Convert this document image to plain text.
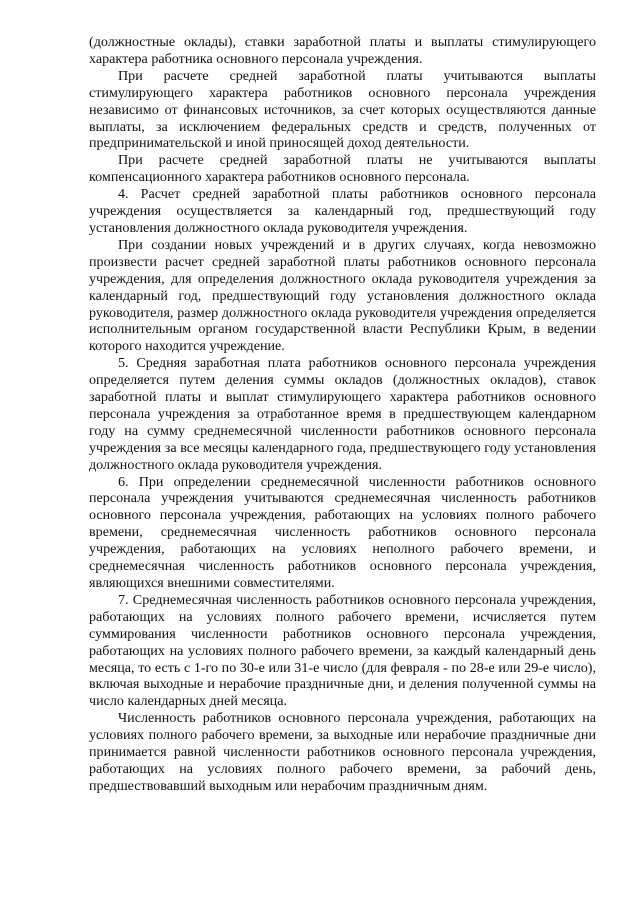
(должностные оклады), ставки заработной платы и выплаты стимулирующего характера работника основного персонала учреждения.

При расчете средней заработной платы учитываются выплаты стимулирующего характера работников основного персонала учреждения независимо от финансовых источников, за счет которых осуществляются данные выплаты, за исключением федеральных средств и средств, полученных от предпринимательской и иной приносящей доход деятельности.

При расчете средней заработной платы не учитываются выплаты компенсационного характера работников основного персонала.

4. Расчет средней заработной платы работников основного персонала учреждения осуществляется за календарный год, предшествующий году установления должностного оклада руководителя учреждения.

При создании новых учреждений и в других случаях, когда невозможно произвести расчет средней заработной платы работников основного персонала учреждения, для определения должностного оклада руководителя учреждения за календарный год, предшествующий году установления должностного оклада руководителя, размер должностного оклада руководителя учреждения определяется исполнительным органом государственной власти Республики Крым, в ведении которого находится учреждение.

5. Средняя заработная плата работников основного персонала учреждения определяется путем деления суммы окладов (должностных окладов), ставок заработной платы и выплат стимулирующего характера работников основного персонала учреждения за отработанное время в предшествующем календарном году на сумму среднемесячной численности работников основного персонала учреждения за все месяцы календарного года, предшествующего году установления должностного оклада руководителя учреждения.

6. При определении среднемесячной численности работников основного персонала учреждения учитываются среднемесячная численность работников основного персонала учреждения, работающих на условиях полного рабочего времени, среднемесячная численность работников основного персонала учреждения, работающих на условиях неполного рабочего времени, и среднемесячная численность работников основного персонала учреждения, являющихся внешними совместителями.

7. Среднемесячная численность работников основного персонала учреждения, работающих на условиях полного рабочего времени, исчисляется путем суммирования численности работников основного персонала учреждения, работающих на условиях полного рабочего времени, за каждый календарный день месяца, то есть с 1-го по 30-е или 31-е число (для февраля - по 28-е или 29-е число), включая выходные и нерабочие праздничные дни, и деления полученной суммы на число календарных дней месяца.

Численность работников основного персонала учреждения, работающих на условиях полного рабочего времени, за выходные или нерабочие праздничные дни принимается равной численности работников основного персонала учреждения, работающих на условиях полного рабочего времени, за рабочий день, предшествовавший выходным или нерабочим праздничным дням.
